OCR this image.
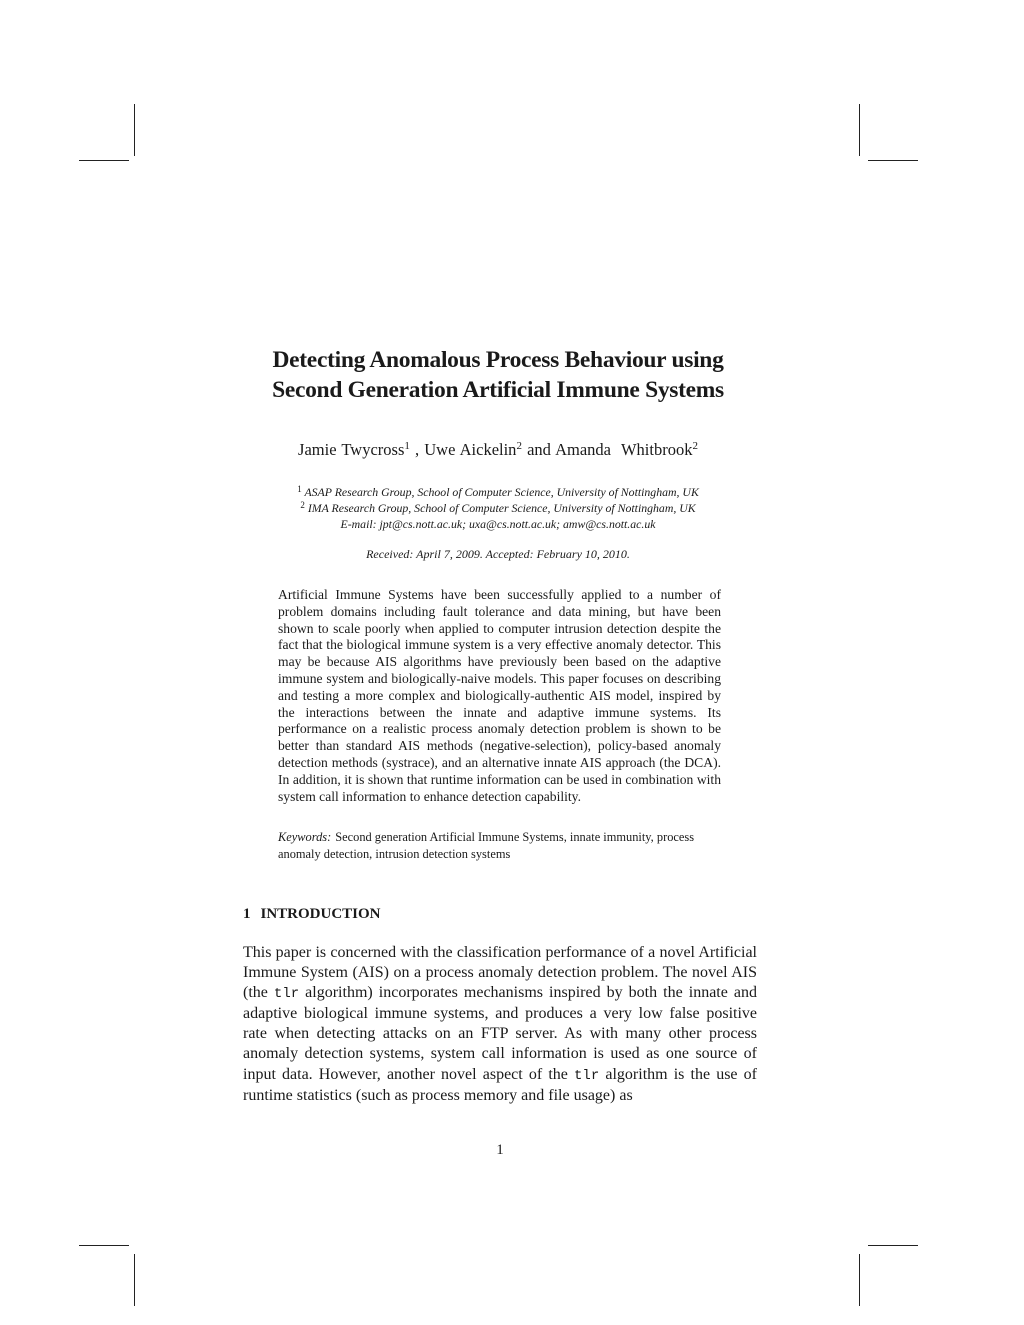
Detecting Anomalous Process Behaviour using
Second Generation Artificial Immune Systems
Jamie Twycross$^1$ , Uwe Aickelin$^2$ and Amanda  Whitbrook$^2$
$^1$ ASAP Research Group, School of Computer Science, University of Nottingham, UK
$^2$ IMA Research Group, School of Computer Science, University of Nottingham, UK
E-mail: jpt@cs.nott.ac.uk; uxa@cs.nott.ac.uk; amw@cs.nott.ac.uk
Received: April 7, 2009. Accepted: February 10, 2010.
Artificial Immune Systems have been successfully applied to a number of problem domains including fault tolerance and data mining, but have been shown to scale poorly when applied to computer intrusion detection despite the fact that the biological immune system is a very effective anomaly detector. This may be because AIS algorithms have previously been based on the adaptive immune system and biologically-naive models. This paper focuses on describing and testing a more complex and biologically-authentic AIS model, inspired by the interactions between the innate and adaptive immune systems. Its performance on a realistic process anomaly detection problem is shown to be better than standard AIS methods (negative-selection), policy-based anomaly detection methods (systrace), and an alternative innate AIS approach (the DCA). In addition, it is shown that runtime information can be used in combination with system call information to enhance detection capability.
Keywords: Second generation Artificial Immune Systems, innate immunity, process anomaly detection, intrusion detection systems
1 INTRODUCTION
This paper is concerned with the classification performance of a novel Artificial Immune System (AIS) on a process anomaly detection problem. The novel AIS (the tlr algorithm) incorporates mechanisms inspired by both the innate and adaptive biological immune systems, and produces a very low false positive rate when detecting attacks on an FTP server. As with many other process anomaly detection systems, system call information is used as one source of input data. However, another novel aspect of the tlr algorithm is the use of runtime statistics (such as process memory and file usage) as
1
